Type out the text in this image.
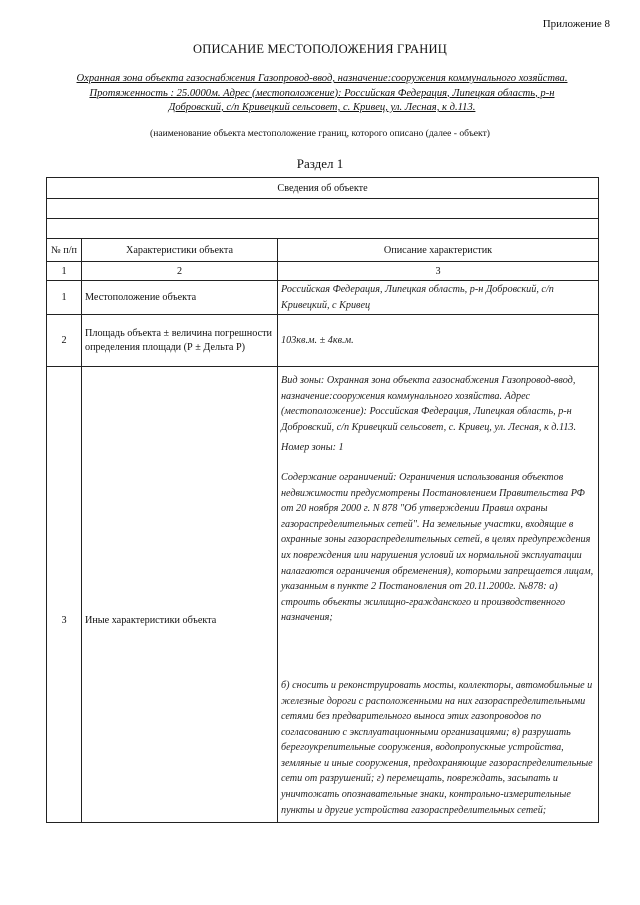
Приложение 8
ОПИСАНИЕ МЕСТОПОЛОЖЕНИЯ ГРАНИЦ
Охранная зона объекта газоснабжения Газопровод-ввод, назначение:сооружения коммунального хозяйства. Протяженность : 25.0000м. Адрес (местоположение): Российская Федерация, Липецкая область, р-н Добровский, с/п Кривецкий сельсовет, с. Кривец, ул. Лесная, к д.113.
(наименование объекта местоположение границ, которого описано (далее - объект)
Раздел 1
Сведения об объекте		

№ п/п	Характеристики объекта	Описание характеристик
1	2	3
1	Местоположение объекта	Российская Федерация, Липецкая область, р-н Добровский, с/п Кривецкий, с Кривец
2	Площадь объекта ± величина погрешности определения площади (Р ± Дельта Р)	103кв.м. ± 4кв.м.
3	Иные характеристики объекта	Вид зоны: Охранная зона объекта газоснабжения Газопровод-ввод, назначение:сооружения коммунального хозяйства. Адрес (местоположение): Российская Федерация, Липецкая область, р-н Добровский, с/п Кривецкий сельсовет, с. Кривец, ул. Лесная, к д.113.

Номер зоны: 1

Содержание ограничений: Ограничения использования объектов недвижимости предусмотрены Постановлением Правительства РФ от 20 ноября 2000 г. N 878 "Об утверждении Правил охраны газораспределительных сетей". На земельные участки, входящие в охранные зоны газораспределительных сетей, в целях предупреждения их повреждения или нарушения условий их нормальной эксплуатации налагаются ограничения обременения), которыми запрещается лицам, указанным в пункте 2 Постановления от 20.11.2000г. №878: а) строить объекты жилищно-гражданского и производственного назначения;

б) сносить и реконструировать мосты, коллекторы, автомобильные и железные дороги с расположенными на них газораспределительными сетями без предварительного выноса этих газопроводов по согласованию с эксплуатационными организациями; в) разрушать берегоукрепительные сооружения, водопропускные устройства, земляные и иные сооружения, предохраняющие газораспределительные сети от разрушений; г) перемещать, повреждать, засыпать и уничтожать опознавательные знаки, контрольно-измерительные пункты и другие устройства газораспределительных сетей;
